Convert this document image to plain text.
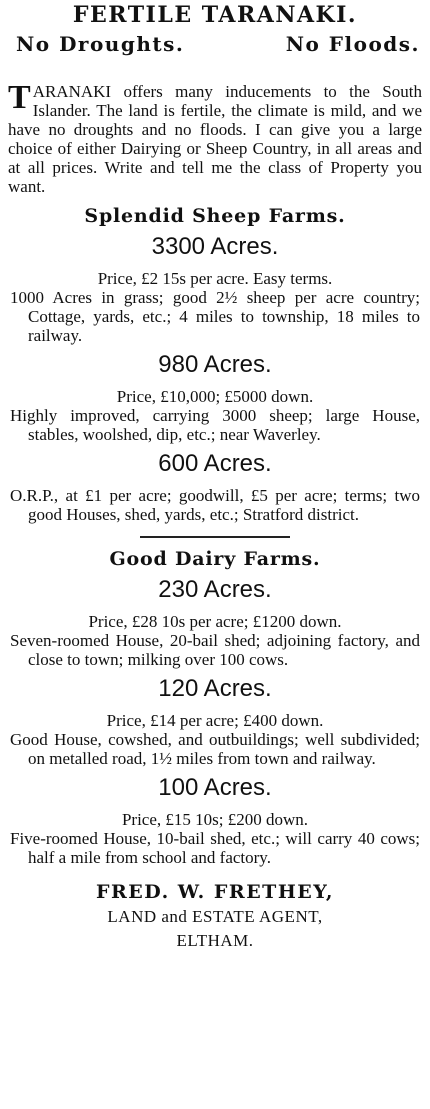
FERTILE TARANAKI.
No Droughts.	No Floods.
TARANAKI offers many inducements to the South Islander. The land is fertile, the climate is mild, and we have no droughts and no floods. I can give you a large choice of either Dairying or Sheep Country, in all areas and at all prices. Write and tell me the class of Property you want.
Splendid Sheep Farms.
3300 Acres.
Price, £2 15s per acre. Easy terms.
1000 Acres in grass; good 2½ sheep per acre country; Cottage, yards, etc.; 4 miles to township, 18 miles to railway.
980 Acres.
Price, £10,000; £5000 down.
Highly improved, carrying 3000 sheep; large House, stables, woolshed, dip, etc.; near Waverley.
600 Acres.
O.R.P., at £1 per acre; goodwill, £5 per acre; terms; two good Houses, shed, yards, etc.; Stratford district.
Good Dairy Farms.
230 Acres.
Price, £28 10s per acre; £1200 down.
Seven-roomed House, 20-bail shed; adjoining factory, and close to town; milking over 100 cows.
120 Acres.
Price, £14 per acre; £400 down.
Good House, cowshed, and outbuildings; well subdivided; on metalled road, 1½ miles from town and railway.
100 Acres.
Price, £15 10s; £200 down.
Five-roomed House, 10-bail shed, etc.; will carry 40 cows; half a mile from school and factory.
FRED. W. FRETHEY,
LAND and ESTATE AGENT,
ELTHAM.
